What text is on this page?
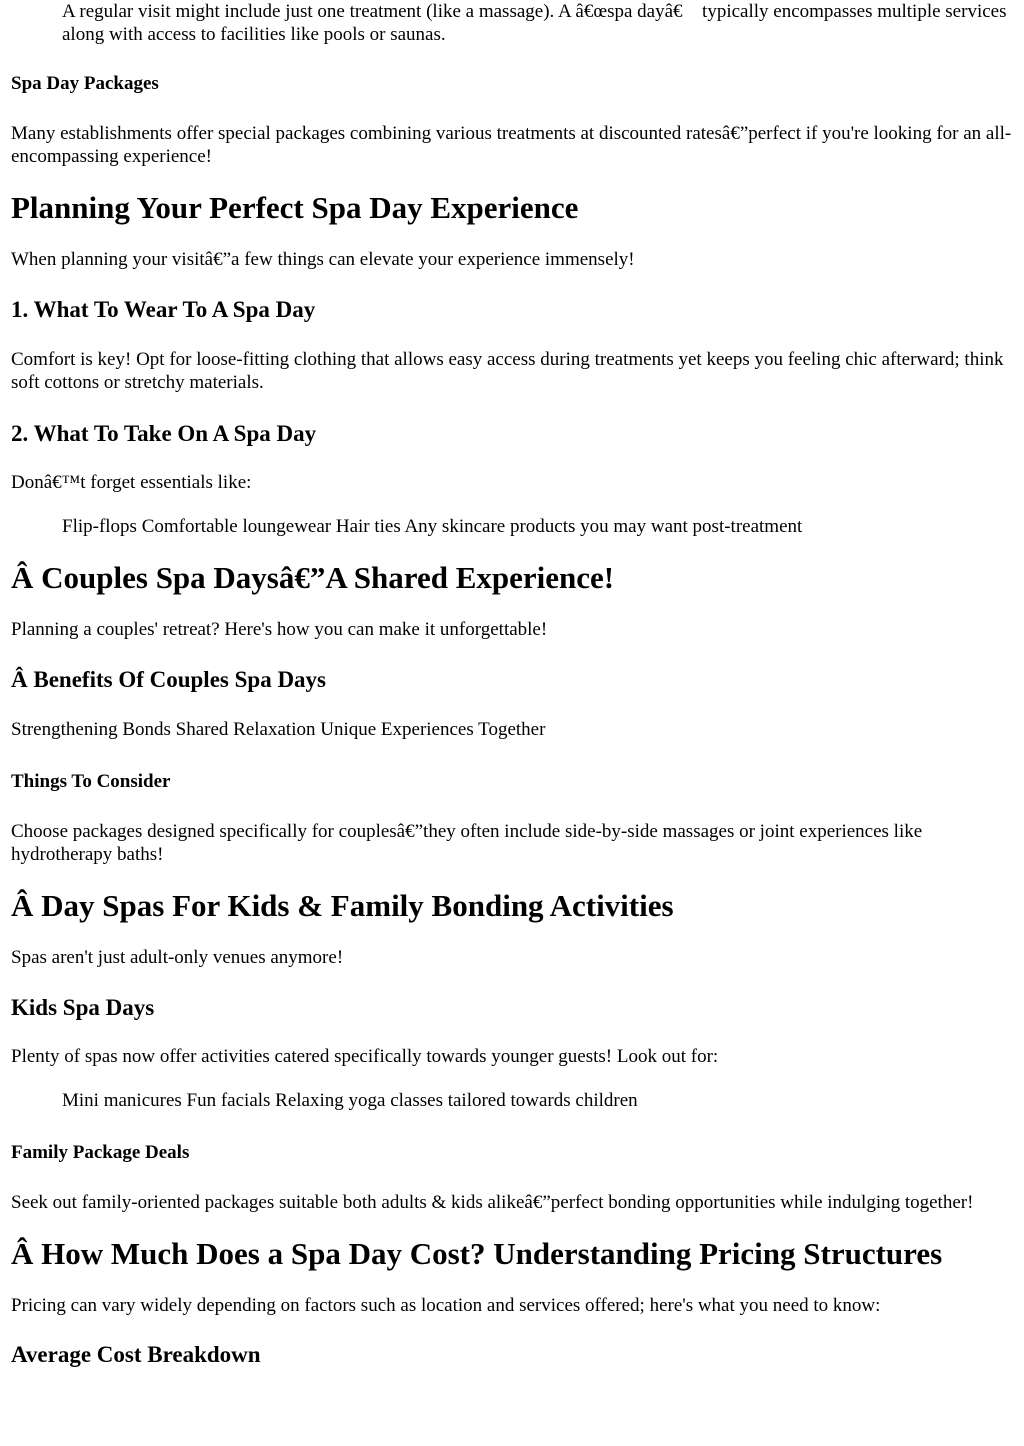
A regular visit might include just one treatment (like a massage). A â€œspa dayâ€  typically encompasses multiple services along with access to facilities like pools or saunas.

Spa Day Packages

Many establishments offer special packages combining various treatments at discounted ratesâ€”perfect if you're looking for an all-encompassing experience!

Planning Your Perfect Spa Day Experience

When planning your visitâ€”a few things can elevate your experience immensely!

1. What To Wear To A Spa Day

Comfort is key! Opt for loose-fitting clothing that allows easy access during treatments yet keeps you feeling chic afterward; think soft cottons or stretchy materials.

2. What To Take On A Spa Day

Donâ€™t forget essentials like:

Flip-flops Comfortable loungewear Hair ties Any skincare products you may want post-treatment

Â Couples Spa Daysâ€”A Shared Experience!

Planning a couples' retreat? Here's how you can make it unforgettable!

Â Benefits Of Couples Spa Days

Strengthening Bonds Shared Relaxation Unique Experiences Together

Things To Consider

Choose packages designed specifically for couplesâ€”they often include side-by-side massages or joint experiences like hydrotherapy baths!

Â Day Spas For Kids & Family Bonding Activities

Spas aren't just adult-only venues anymore!

Kids Spa Days

Plenty of spas now offer activities catered specifically towards younger guests! Look out for:

Mini manicures Fun facials Relaxing yoga classes tailored towards children

Family Package Deals

Seek out family-oriented packages suitable both adults & kids alikeâ€”perfect bonding opportunities while indulging together!

Â How Much Does a Spa Day Cost? Understanding Pricing Structures

Pricing can vary widely depending on factors such as location and services offered; here's what you need to know:

Average Cost Breakdown
